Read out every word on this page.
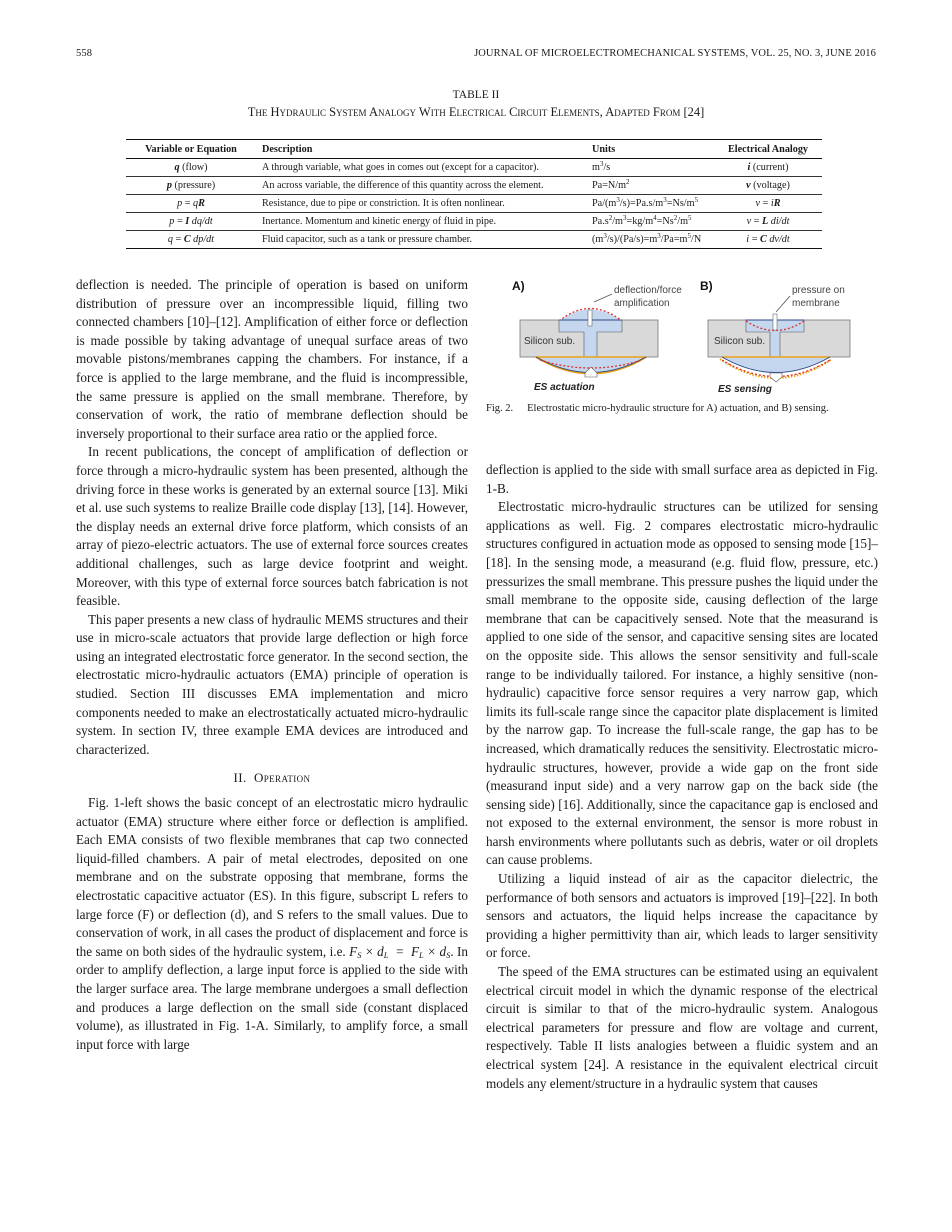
558	JOURNAL OF MICROELECTROMECHANICAL SYSTEMS, VOL. 25, NO. 3, JUNE 2016
TABLE II
The Hydraulic System Analogy With Electrical Circuit Elements, Adapted From [24]
Variable or Equation	Description	Units	Electrical Analogy
q (flow)	A through variable, what goes in comes out (except for a capacitor).	$m^3/s$	i (current)
p (pressure)	An across variable, the difference of this quantity across the element.	$Pa=N/m^2$	v (voltage)
p = qR	Resistance, due to pipe or constriction. It is often nonlinear.	$Pa/(m^3/s)=Pa.s/m^3=Ns/m^5$	v = iR
p = I dq/dt	Inertance. Momentum and kinetic energy of fluid in pipe.	$Pa.s^2/m^3=kg/m^4=Ns^2/m^5$	v = L di/dt
q = C dp/dt	Fluid capacitor, such as a tank or pressure chamber.	$(m^3/s)/(Pa/s)=m^3/Pa=m^5/N$	i = C dv/dt

deflection is needed. The principle of operation is based on uniform distribution of pressure over an incompressible liquid, filling two connected chambers [10]–[12]. Amplification of either force or deflection is made possible by taking advantage of unequal surface areas of two movable pistons/membranes capping the chambers. For instance, if a force is applied to the large membrane, and the fluid is incompressible, the same pressure is applied on the small membrane. Therefore, by conservation of work, the ratio of membrane deflection should be inversely proportional to their surface area ratio or the applied force.

In recent publications, the concept of amplification of deflection or force through a micro-hydraulic system has been presented, although the driving force in these works is generated by an external source [13]. Miki et al. use such systems to realize Braille code display [13], [14]. However, the display needs an external drive force platform, which consists of an array of piezo-electric actuators. The use of external force sources creates additional challenges, such as large device footprint and weight. Moreover, with this type of external force sources batch fabrication is not feasible.

This paper presents a new class of hydraulic MEMS structures and their use in micro-scale actuators that provide large deflection or high force using an integrated electrostatic force generator. In the second section, the electrostatic micro-hydraulic actuators (EMA) principle of operation is studied. Section III discusses EMA implementation and micro components needed to make an electrostatically actuated micro-hydraulic system. In section IV, three example EMA devices are introduced and characterized.

II. Operation

Fig. 1-left shows the basic concept of an electrostatic micro hydraulic actuator (EMA) structure where either force or deflection is amplified. Each EMA consists of two flexible membranes that cap two connected liquid-filled chambers. A pair of metal electrodes, deposited on one membrane and on the substrate opposing that membrane, forms the electrostatic capacitive actuator (ES). In this figure, subscript L refers to large force (F) or deflection (d), and S refers to the small values. Due to conservation of work, in all cases the product of displacement and force is the same on both sides of the hydraulic system, i.e. $F_S \times d_L = F_L \times d_S$. In order to amplify deflection, a large input force is applied to the side with the larger surface area. The large membrane undergoes a small deflection and produces a large deflection on the small side (constant displaced volume), as illustrated in Fig. 1-A. Similarly, to amplify force, a small input force with large

A)	deflection/force
amplification
Silicon sub.
ES actuation
B)	pressure on
membrane
Silicon sub.
ES sensing
Fig. 2. Electrostatic micro-hydraulic structure for A) actuation, and B) sensing.

deflection is applied to the side with small surface area as depicted in Fig. 1-B.

Electrostatic micro-hydraulic structures can be utilized for sensing applications as well. Fig. 2 compares electrostatic micro-hydraulic structures configured in actuation mode as opposed to sensing mode [15]–[18]. In the sensing mode, a measurand (e.g. fluid flow, pressure, etc.) pressurizes the small membrane. This pressure pushes the liquid under the small membrane to the opposite side, causing deflection of the large membrane that can be capacitively sensed. Note that the measurand is applied to one side of the sensor, and capacitive sensing sites are located on the opposite side. This allows the sensor sensitivity and full-scale range to be individually tailored. For instance, a highly sensitive (non-hydraulic) capacitive force sensor requires a very narrow gap, which limits its full-scale range since the capacitor plate displacement is limited by the narrow gap. To increase the full-scale range, the gap has to be increased, which dramatically reduces the sensitivity. Electrostatic micro-hydraulic structures, however, provide a wide gap on the front side (measurand input side) and a very narrow gap on the back side (the sensing side) [16]. Additionally, since the capacitance gap is enclosed and not exposed to the external environment, the sensor is more robust in harsh environments where pollutants such as debris, water or oil droplets can cause problems.

Utilizing a liquid instead of air as the capacitor dielectric, the performance of both sensors and actuators is improved [19]–[22]. In both sensors and actuators, the liquid helps increase the capacitance by providing a higher permittivity than air, which leads to larger sensitivity or force.

The speed of the EMA structures can be estimated using an equivalent electrical circuit model in which the dynamic response of the electrical circuit is similar to that of the micro-hydraulic system. Analogous electrical parameters for pressure and flow are voltage and current, respectively. Table II lists analogies between a fluidic system and an electrical system [24]. A resistance in the equivalent electrical circuit models any element/structure in a hydraulic system that causes
